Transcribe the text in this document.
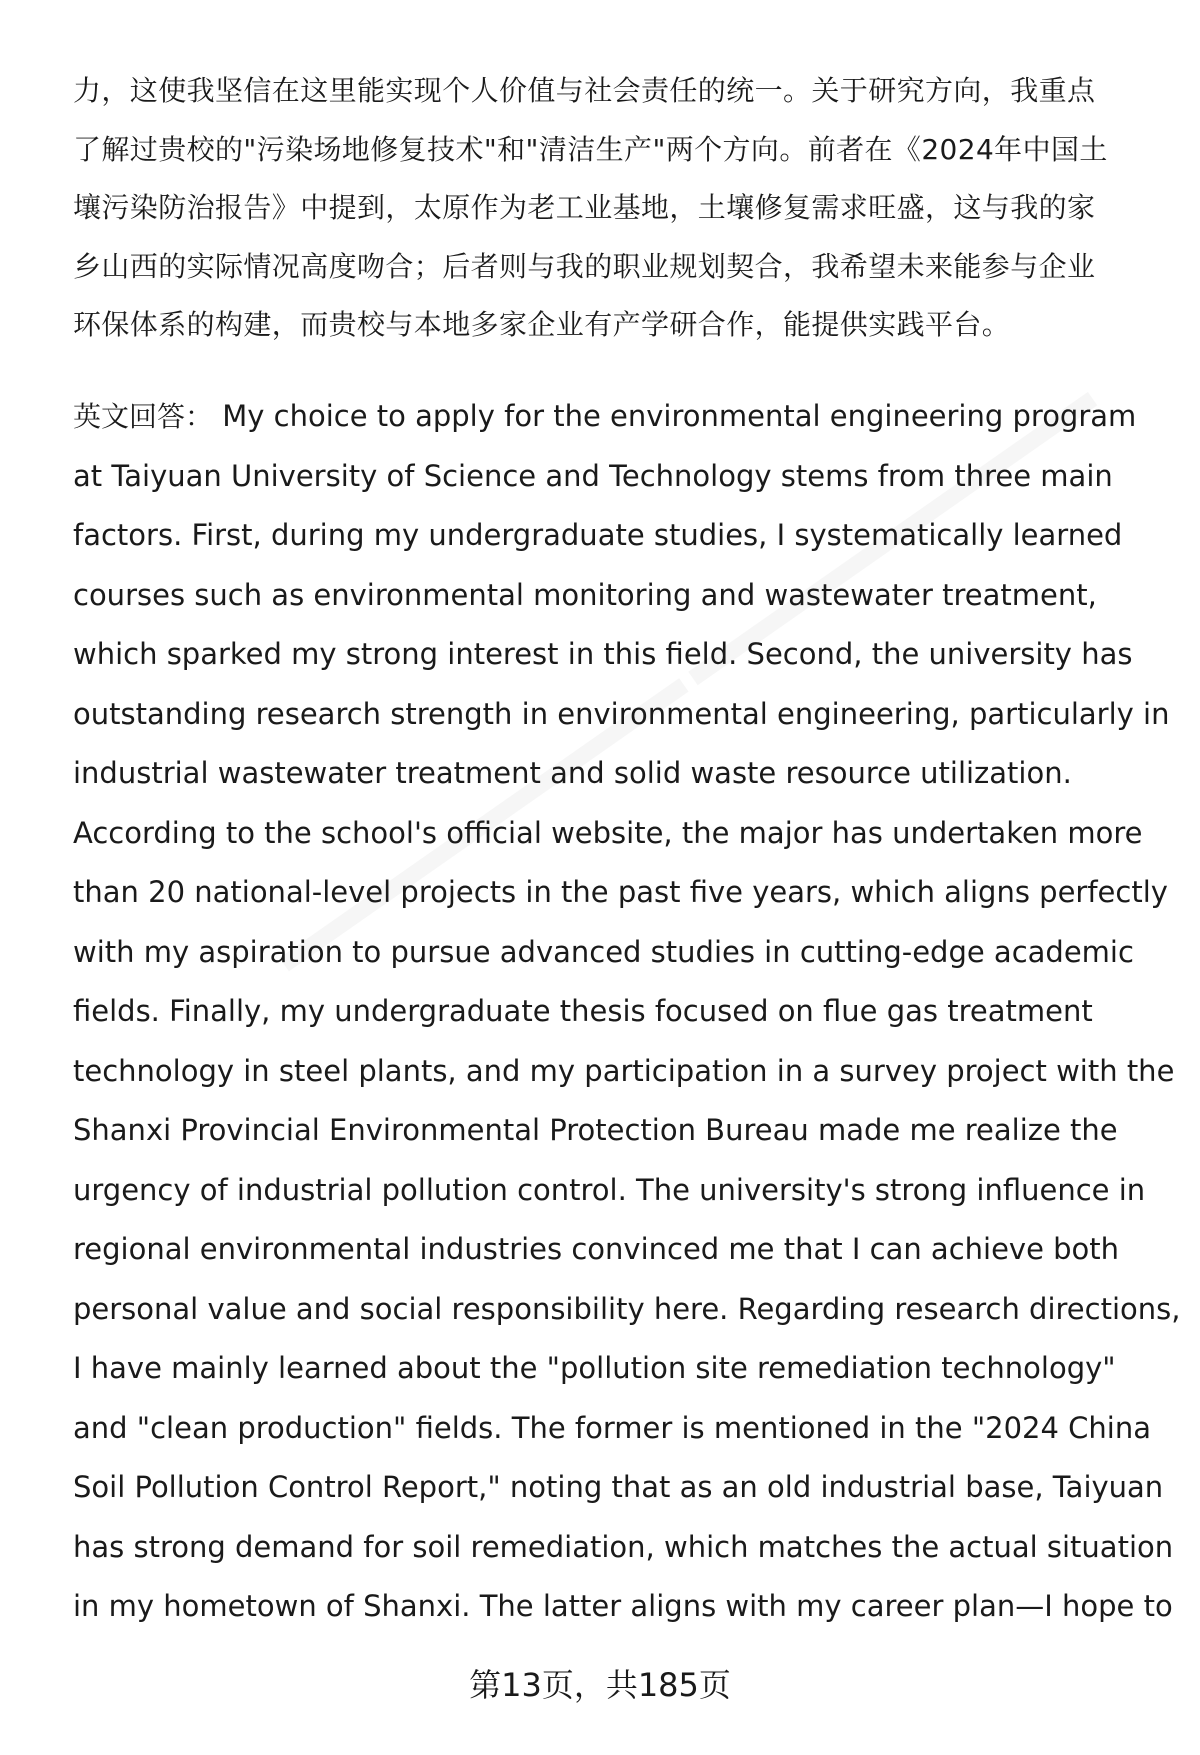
力，这使我坚信在这里能实现个人价值与社会责任的统一。关于研究方向，我重点
了解过贵校的"污染场地修复技术"和"清洁生产"两个方向。前者在《2024年中国土
壤污染防治报告》中提到，太原作为老工业基地，土壤修复需求旺盛，这与我的家
乡山西的实际情况高度吻合；后者则与我的职业规划契合，我希望未来能参与企业
环保体系的构建，而贵校与本地多家企业有产学研合作，能提供实践平台。
英文回答： My choice to apply for the environmental engineering program
at Taiyuan University of Science and Technology stems from three main
factors. First, during my undergraduate studies, I systematically learned
courses such as environmental monitoring and wastewater treatment,
which sparked my strong interest in this field. Second, the university has
outstanding research strength in environmental engineering, particularly in
industrial wastewater treatment and solid waste resource utilization.
According to the school's official website, the major has undertaken more
than 20 national-level projects in the past five years, which aligns perfectly
with my aspiration to pursue advanced studies in cutting-edge academic
fields. Finally, my undergraduate thesis focused on flue gas treatment
technology in steel plants, and my participation in a survey project with the
Shanxi Provincial Environmental Protection Bureau made me realize the
urgency of industrial pollution control. The university's strong influence in
regional environmental industries convinced me that I can achieve both
personal value and social responsibility here. Regarding research directions,
I have mainly learned about the "pollution site remediation technology"
and "clean production" fields. The former is mentioned in the "2024 China
Soil Pollution Control Report," noting that as an old industrial base, Taiyuan
has strong demand for soil remediation, which matches the actual situation
in my hometown of Shanxi. The latter aligns with my career plan—I hope to
第13页，共185页
